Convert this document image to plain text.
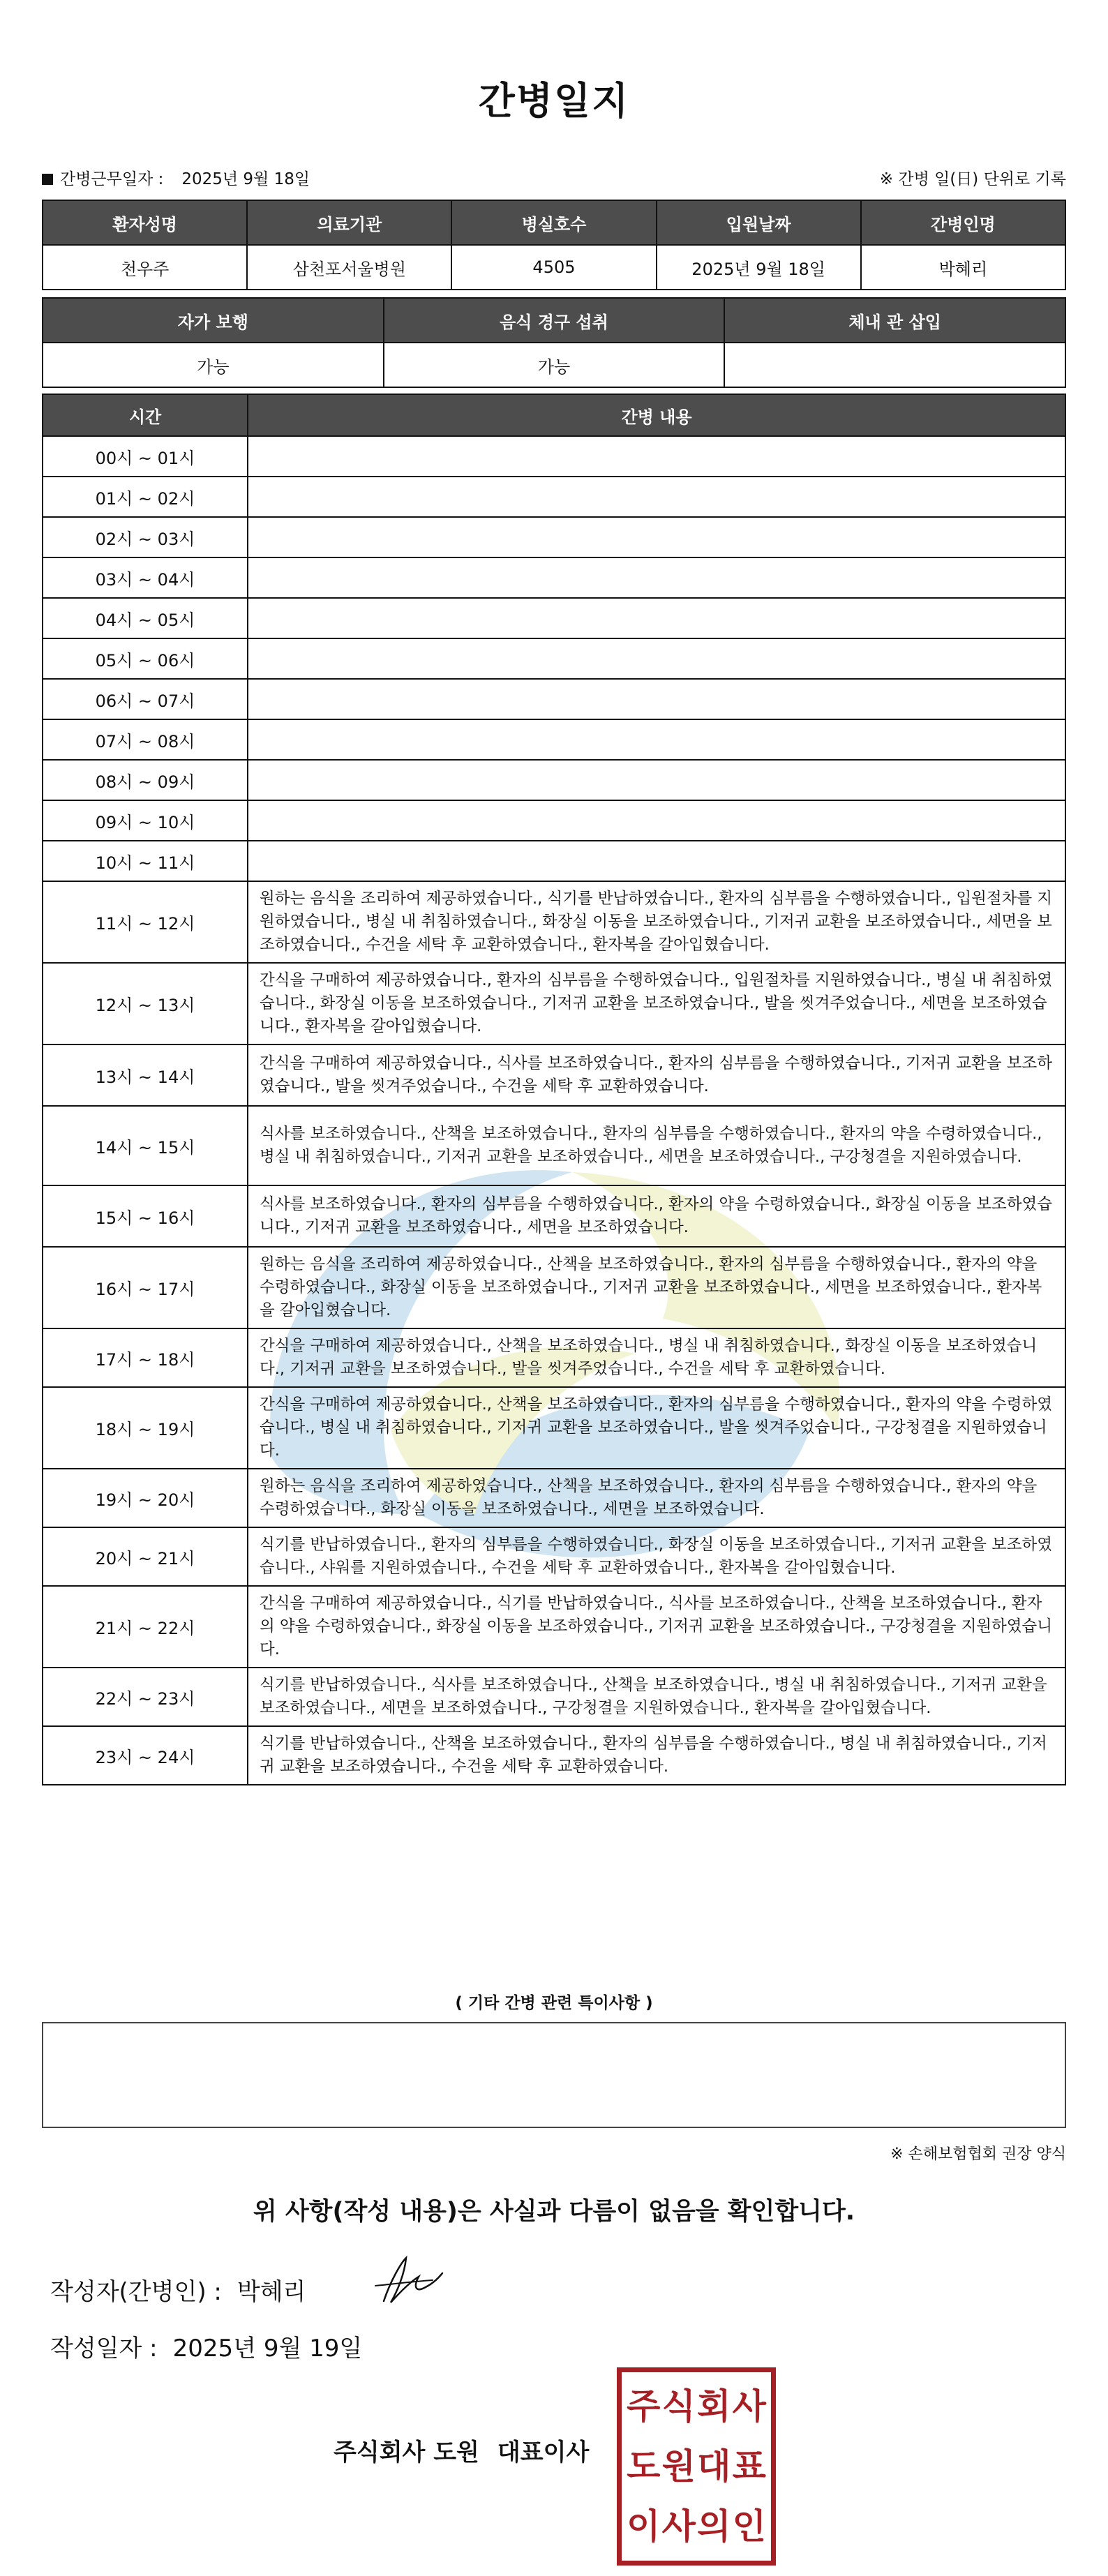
간병일지
간병근무일자 : 2025년 9월 18일	※ 간병 일(日) 단위로 기록
환자성명	의료기관	병실호수	입원날짜	간병인명
천우주	삼천포서울병원	4505	2025년 9월 18일	박혜리
자가 보행	음식 경구 섭취	체내 관 삽입
가능	가능	
시간	간병 내용
00시 ~ 01시	
01시 ~ 02시	
02시 ~ 03시	
03시 ~ 04시	
04시 ~ 05시	
05시 ~ 06시	
06시 ~ 07시	
07시 ~ 08시	
08시 ~ 09시	
09시 ~ 10시	
10시 ~ 11시	
11시 ~ 12시	원하는 음식을 조리하여 제공하였습니다., 식기를 반납하였습니다., 환자의 심부름을 수행하였습니다., 입원절차를 지원하였습니다., 병실 내 취침하였습니다., 화장실 이동을 보조하였습니다., 기저귀 교환을 보조하였습니다., 세면을 보조하였습니다., 수건을 세탁 후 교환하였습니다., 환자복을 갈아입혔습니다.
12시 ~ 13시	간식을 구매하여 제공하였습니다., 환자의 심부름을 수행하였습니다., 입원절차를 지원하였습니다., 병실 내 취침하였습니다., 화장실 이동을 보조하였습니다., 기저귀 교환을 보조하였습니다., 발을 씻겨주었습니다., 세면을 보조하였습니다., 환자복을 갈아입혔습니다.
13시 ~ 14시	간식을 구매하여 제공하였습니다., 식사를 보조하였습니다., 환자의 심부름을 수행하였습니다., 기저귀 교환을 보조하였습니다., 발을 씻겨주었습니다., 수건을 세탁 후 교환하였습니다.
14시 ~ 15시	식사를 보조하였습니다., 산책을 보조하였습니다., 환자의 심부름을 수행하였습니다., 환자의 약을 수령하였습니다., 병실 내 취침하였습니다., 기저귀 교환을 보조하였습니다., 세면을 보조하였습니다., 구강청결을 지원하였습니다.
15시 ~ 16시	식사를 보조하였습니다., 환자의 심부름을 수행하였습니다., 환자의 약을 수령하였습니다., 화장실 이동을 보조하였습니다., 기저귀 교환을 보조하였습니다., 세면을 보조하였습니다.
16시 ~ 17시	원하는 음식을 조리하여 제공하였습니다., 산책을 보조하였습니다., 환자의 심부름을 수행하였습니다., 환자의 약을 수령하였습니다., 화장실 이동을 보조하였습니다., 기저귀 교환을 보조하였습니다., 세면을 보조하였습니다., 환자복을 갈아입혔습니다.
17시 ~ 18시	간식을 구매하여 제공하였습니다., 산책을 보조하였습니다., 병실 내 취침하였습니다., 화장실 이동을 보조하였습니다., 기저귀 교환을 보조하였습니다., 발을 씻겨주었습니다., 수건을 세탁 후 교환하였습니다.
18시 ~ 19시	간식을 구매하여 제공하였습니다., 산책을 보조하였습니다., 환자의 심부름을 수행하였습니다., 환자의 약을 수령하였습니다., 병실 내 취침하였습니다., 기저귀 교환을 보조하였습니다., 발을 씻겨주었습니다., 구강청결을 지원하였습니다.
19시 ~ 20시	원하는 음식을 조리하여 제공하였습니다., 산책을 보조하였습니다., 환자의 심부름을 수행하였습니다., 환자의 약을 수령하였습니다., 화장실 이동을 보조하였습니다., 세면을 보조하였습니다.
20시 ~ 21시	식기를 반납하였습니다., 환자의 심부름을 수행하였습니다., 화장실 이동을 보조하였습니다., 기저귀 교환을 보조하였습니다., 샤워를 지원하였습니다., 수건을 세탁 후 교환하였습니다., 환자복을 갈아입혔습니다.
21시 ~ 22시	간식을 구매하여 제공하였습니다., 식기를 반납하였습니다., 식사를 보조하였습니다., 산책을 보조하였습니다., 환자의 약을 수령하였습니다., 화장실 이동을 보조하였습니다., 기저귀 교환을 보조하였습니다., 구강청결을 지원하였습니다.
22시 ~ 23시	식기를 반납하였습니다., 식사를 보조하였습니다., 산책을 보조하였습니다., 병실 내 취침하였습니다., 기저귀 교환을 보조하였습니다., 세면을 보조하였습니다., 구강청결을 지원하였습니다., 환자복을 갈아입혔습니다.
23시 ~ 24시	식기를 반납하였습니다., 산책을 보조하였습니다., 환자의 심부름을 수행하였습니다., 병실 내 취침하였습니다., 기저귀 교환을 보조하였습니다., 수건을 세탁 후 교환하였습니다.
( 기타 간병 관련 특이사항 )
※ 손해보험협회 권장 양식
위 사항(작성 내용)은 사실과 다름이 없음을 확인합니다.
작성자(간병인) : 박혜리
작성일자 : 2025년 9월 19일
주식회사 도원 대표이사
주 식 회 사
도 원 대 표
이 사 의 인
